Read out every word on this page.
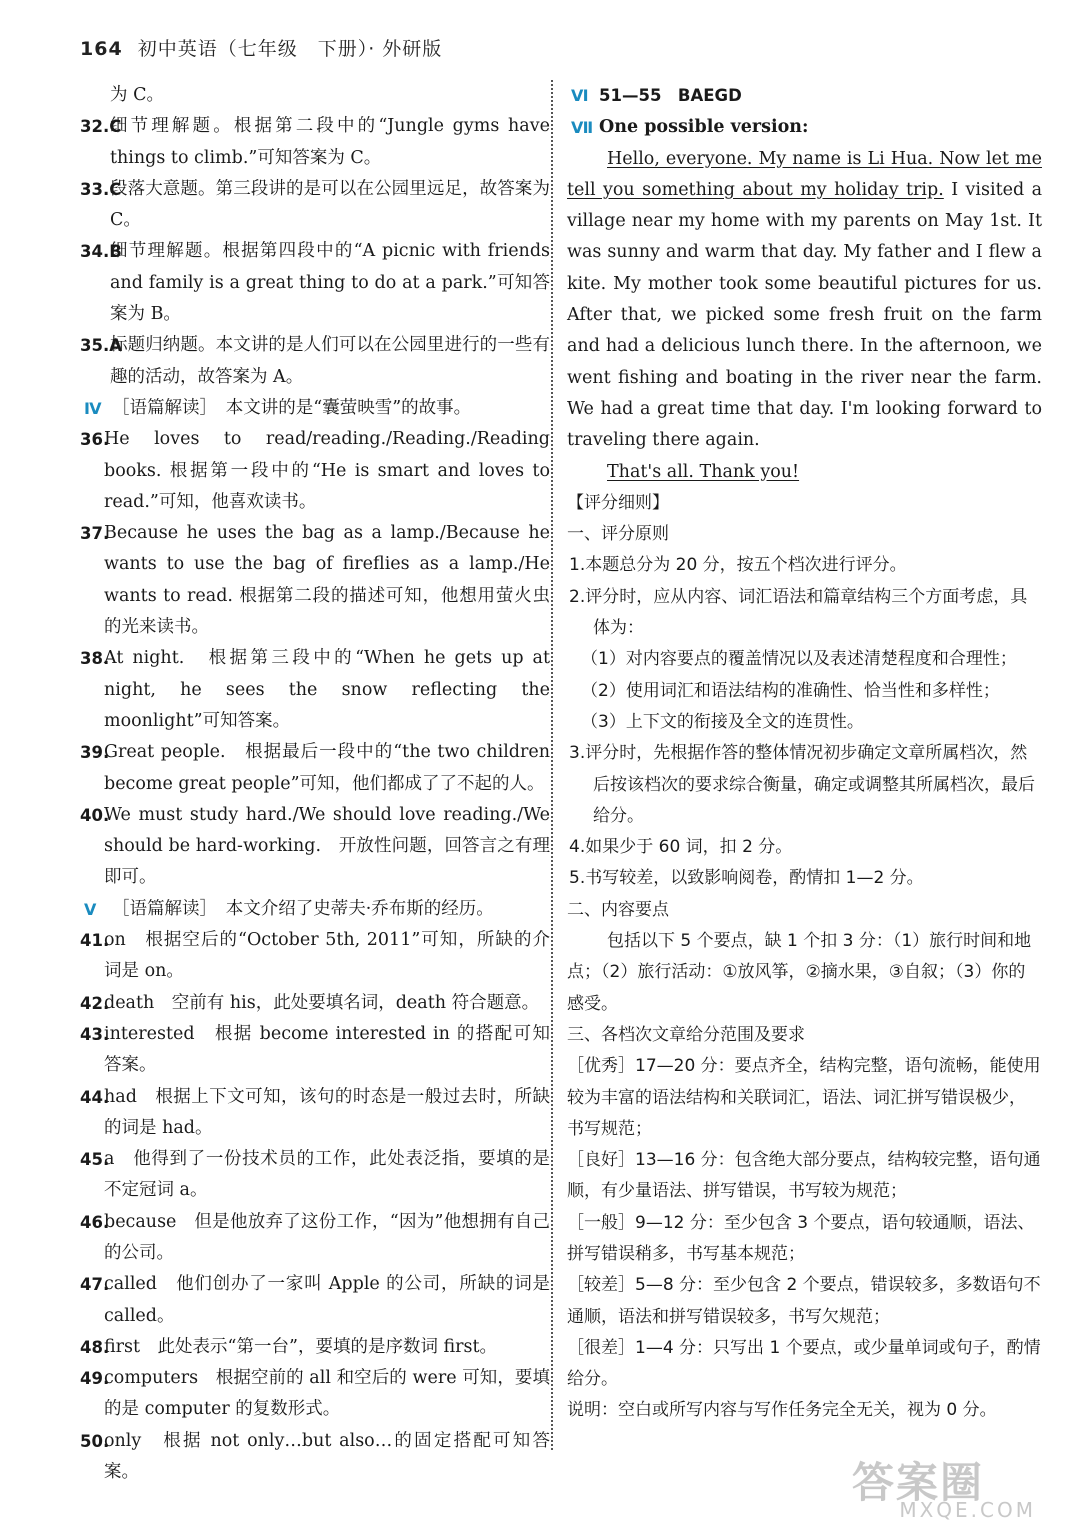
164 初中英语（七年级　下册）· 外研版
为 C。
32.C
细节理解题。根据第二段中的“Jungle gyms have things to climb.”可知答案为 C。
33.C
段落大意题。第三段讲的是可以在公园里远足，故答案为 C。
34.B
细节理解题。根据第四段中的“A picnic with friends and family is a great thing to do at a park.”可知答案为 B。
35.A
标题归纳题。本文讲的是人们可以在公园里进行的一些有趣的活动，故答案为 A。
Ⅳ ［语篇解读］　本文讲的是“囊萤映雪”的故事。
36.
He loves to read/reading./Reading./Reading books. 根据第一段中的“He is smart and loves to read.”可知，他喜欢读书。
37.
Because he uses the bag as a lamp./Because he wants to use the bag of fireflies as a lamp./He wants to read. 根据第二段的描述可知，他想用萤火虫的光来读书。
38.
At night.　根据第三段中的“When he gets up at night, he sees the snow reflecting the moonlight”可知答案。
39.
Great people.　根据最后一段中的“the two children become great people”可知，他们都成了了不起的人。
40.
We must study hard./We should love reading./We should be hard-working.　开放性问题，回答言之有理即可。
Ⅴ ［语篇解读］　本文介绍了史蒂夫·乔布斯的经历。
41.
on　根据空后的“October 5th, 2011”可知，所缺的介词是 on。
42.
death　空前有 his，此处要填名词，death 符合题意。
43.
interested　根据 become interested in 的搭配可知答案。
44.
had　根据上下文可知，该句的时态是一般过去时，所缺的词是 had。
45.
a　他得到了一份技术员的工作，此处表泛指，要填的是不定冠词 a。
46.
because　但是他放弃了这份工作，“因为”他想拥有自己的公司。
47.
called　他们创办了一家叫 Apple 的公司，所缺的词是 called。
48.
first　此处表示“第一台”，要填的是序数词 first。
49.
computers　根据空前的 all 和空后的 were 可知，要填的是 computer 的复数形式。
50.
only　根据 not only…but also…的固定搭配可知答案。
Ⅵ 51—55　BAEGD
Ⅶ One possible version:
Hello, everyone. My name is Li Hua. Now let me tell you something about my holiday trip. I visited a village near my home with my parents on May 1st. It was sunny and warm that day. My father and I flew a kite. My mother took some beautiful pictures for us. After that, we picked some fresh fruit on the farm and had a delicious lunch there. In the afternoon, we went fishing and boating in the river near the farm. We had a great time that day. I'm looking forward to traveling there again.
That's all. Thank you!
【评分细则】
一、评分原则
1.本题总分为 20 分，按五个档次进行评分。
2.评分时，应从内容、词汇语法和篇章结构三个方面考虑，具体为：
（1）对内容要点的覆盖情况以及表述清楚程度和合理性；
（2）使用词汇和语法结构的准确性、恰当性和多样性；
（3）上下文的衔接及全文的连贯性。
3.评分时，先根据作答的整体情况初步确定文章所属档次，然后按该档次的要求综合衡量，确定或调整其所属档次，最后给分。
4.如果少于 60 词，扣 2 分。
5.书写较差，以致影响阅卷，酌情扣 1—2 分。
二、内容要点
包括以下 5 个要点，缺 1 个扣 3 分：（1）旅行时间和地点；（2）旅行活动：①放风筝，②摘水果，③自叙；（3）你的感受。
三、各档次文章给分范围及要求
［优秀］17—20 分：要点齐全，结构完整，语句流畅，能使用较为丰富的语法结构和关联词汇，语法、词汇拼写错误极少，书写规范；
［良好］13—16 分：包含绝大部分要点，结构较完整，语句通顺，有少量语法、拼写错误，书写较为规范；
［一般］9—12 分：至少包含 3 个要点，语句较通顺，语法、拼写错误稍多，书写基本规范；
［较差］5—8 分：至少包含 2 个要点，错误较多，多数语句不通顺，语法和拼写错误较多，书写欠规范；
［很差］1—4 分：只写出 1 个要点，或少量单词或句子，酌情给分。
说明：空白或所写内容与写作任务完全无关，视为 0 分。
答案圈
MXQE.COM
